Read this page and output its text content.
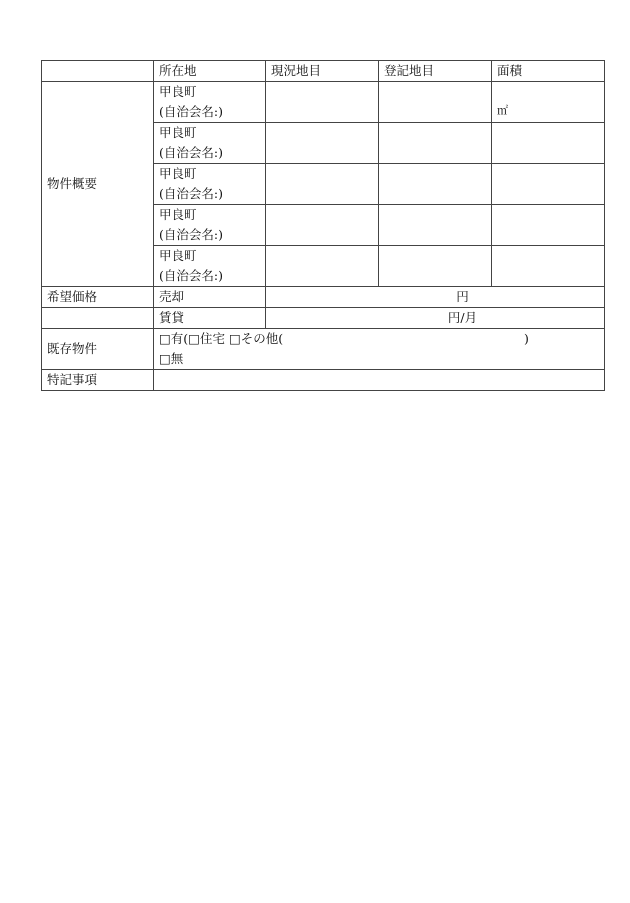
	所在地	現況地目	登記地目	面積
物件概要	甲良町
(自治会名:)			㎡

	甲良町
(自治会名:)			

	甲良町
(自治会名:)			

	甲良町
(自治会名:)			

	甲良町
(自治会名:)			

希望価格	売却	円		
	賃貸	円/月		
既存物件	□有(□住宅 □その他( )
□無			

特記事項				
